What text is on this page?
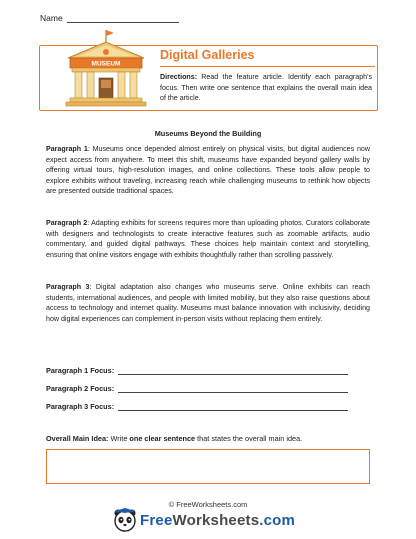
Name
MUSEUM
Digital Galleries
Directions: Read the feature article. Identify each paragraph's focus. Then write one sentence that explains the overall main idea of the article.
Museums Beyond the Building
Paragraph 1: Museums once depended almost entirely on physical visits, but digital audiences now expect access from anywhere. To meet this shift, museums have expanded beyond gallery walls by offering virtual tours, high-resolution images, and online collections. These tools allow people to explore exhibits without traveling, increasing reach while challenging museums to rethink how objects are presented outside traditional spaces.
Paragraph 2: Adapting exhibits for screens requires more than uploading photos. Curators collaborate with designers and technologists to create interactive features such as zoomable artifacts, audio commentary, and guided digital pathways. These choices help maintain context and storytelling, ensuring that online visitors engage with exhibits thoughtfully rather than scrolling passively.
Paragraph 3: Digital adaptation also changes who museums serve. Online exhibits can reach students, international audiences, and people with limited mobility, but they also raise questions about access to technology and internet quality. Museums must balance innovation with inclusivity, deciding how digital experiences can complement in-person visits without replacing them entirely.
Paragraph 1 Focus:
Paragraph 2 Focus:
Paragraph 3 Focus:
Overall Main Idea: Write one clear sentence that states the overall main idea.
© FreeWorksheets.com
FreeWorksheets.com
